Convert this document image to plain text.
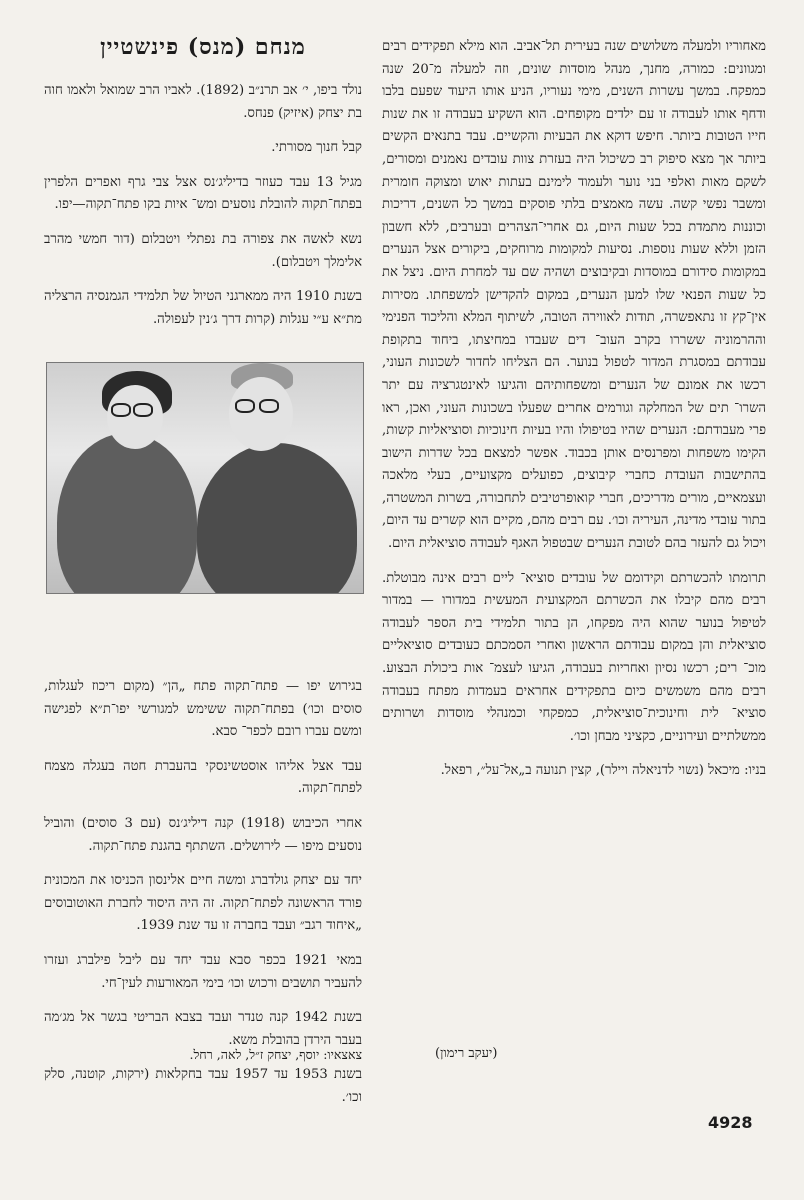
מנחם (מנס) פינשטיין

נולד ביפו, י׳ אב תרנ״ב (1892). לאביו הרב שמואל ולאמו חוה בת יצחק (איזיק) פנחס.

קבל חנוך מסורתי.

מגיל 13 עבד כעוזר בדיליג׳נס אצל צבי גרף ואפרים הלפרין בפתח־תקוה להובלת נוסעים ומש־ איות בקו פתח־תקוה—יפו.

נשא לאשה את צפורה בת נפתלי ויטבלום (דור חמשי מהרב אלימלך ויטבלום).

בשנת 1910 היה ממארגני הטיול של תלמידי הגמנסיה הרצליה מת״א ע״י עגלות (קרות דרך ג׳נין לעפולה.

בגירוש יפו — פתח־תקוה פתח „הן״ (מקום ריכוז לעגלות, סוסים וכו׳) בפתח־תקוה ששימש למגורשי יפו־ת״א לפגישה ומשם עברו רובם לכפר־ סבא.

עבד אצל אליהו אוסטשינסקי בהעברת חטה בעגלה מצמח לפתח־תקוה.

אחרי הכיבוש (1918) קנה דיליג׳נס (עם 3 סוסים) והוביל נוסעים מיפו — לירושלים. השתתף בהגנת פתח־תקוה.

יחד עם יצחק גולדברג ומשה חיים אלינסון הכניסו את המכונית פורד הראשונה לפתח־תקוה. זה היה היסוד לחברת האוטובוסים „איחוד רגב״ ועבד בחברה זו עד שנת 1939.

במאי 1921 בכפר סבא עבד יחד עם ליבל פילברג ועזרו להעביר תושבים ורכוש וכו׳ בימי המאורעות לעין־חי.

בשנת 1942 קנה טנדר ועבד בצבא הבריטי בגשר אל מג׳מה בעבר הירדן בהובלת משא.

בשנת 1953 עד 1957 עבד בחקלאות (ירקות, קוטנה, סלק וכו׳.

צאצאיו: יוסף, יצחק ז״ל, לאה, רחל.

מאחוריו ולמעלה משלושים שנה בעירית תל־אביב. הוא מילא תפקידים רבים ומגוונים: כמורה, מחנך, מנהל מוסדות שונים, וזה למעלה מ־20 שנה כמפקח. במשך עשרות השנים, מימי נעוריו, הניע אותו היעוד שפעם בלבו ודחף אותו לעבודה זו עם ילדים מקופחים. הוא השקיע בעבודה זו את שנות חייו הטובות ביותר. חיפש דוקא את הבעיות והקשיים. עבד בתנאים הקשים ביותר אך מצא סיפוק רב כשיכול היה בעזרת צוות עובדים נאמנים ומסורים, לשקם מאות ואלפי בני נוער ולעמוד לימינם בעתות יאוש ומצוקה חומרית ומשבר נפשי קשה. עשה מאמצים בלתי פוסקים במשך כל השנים, דריכות וכוננות מתמדת בכל שעות היום, גם אחרי־הצהרים ובערבים, ללא חשבון הזמן וללא שעות נוספות. נסיעות למקומות מרוחקים, ביקורים אצל הנערים במקומות סידורם במוסדות ובקיבוצים ושהיה שם עד למחרת היום. ניצל את כל שעות הפנאי שלו למען הנערים, במקום להקדישן למשפחתו. מסירות אין־קץ זו נתאפשרה, תודות לאווירה הטובה, לשיתוף המלא והליכוד הפנימי וההרמוניה ששררו בקרב העוב־ דים שעבדו במחיצתו, ביחוד בתקופת עבודתם במסגרת המדור לטפול בנוער. הם הצליחו לחדור לשכונות העוני, רכשו את אמונם של הנערים ומשפחותיהם והגיעו לאינטגרציה עם יתר השרו־ תים של המחלקה וגורמים אחרים שפעלו בשכונות העוני, ואכן, ראו פרי מעבודתם: הנערים שהיו בטיפולו והיו בעיות חינוכיות וסוציאליות קשות, הקימו משפחות ומפרנסים אותן בכבוד. אפשר למצאם בכל שדרות הישוב בהתישבות העובדת כחברי קיבוצים, כפועלים מקצועיים, בעלי מלאכה ועצמאיים, מורים מדריכים, חברי קואופרטיבים לתחבורה, בשרות המשטרה, בתור עובדי מדינה, העיריה וכו׳. עם רבים מהם, מקיים הוא קשרים עד היום, ויכול גם להעזר בהם לטובת הנערים שבטפול האגף לעבודה סוציאלית היום.

תרומתו להכשרתם וקידומם של עובדים סוציא־ ליים רבים אינה מבוטלת. רבים מהם קיבלו את הכשרתם המקצועית המעשית במדורו — במדור לטיפול בנוער שהוא היה מפקחו, הן בתור תלמידי בית הספר לעבודה סוציאלית והן במקום עבודתם הראשון ואחרי הסמכתם כעובדים סוציאליים מוכ־ רים; רכשו נסיון ואחריות בעבודה, הגיעו לעצמ־ אות ביכולת הבצוע. רבים מהם משמשים כיום בתפקידים אחראים בעמדות מפתח בעבודה סוציא־ לית וחינוכית־סוציאלית, כמפקחי וכמנהלי מוסדות ושרותים ממשלתיים ועירוניים, כקציני מבחן וכו׳.

בניו: מיכאל (נשוי לדניאלה ויילר), קצין תנועה ב„אל־על״, רפאל.

(יעקב רימון)
4928
